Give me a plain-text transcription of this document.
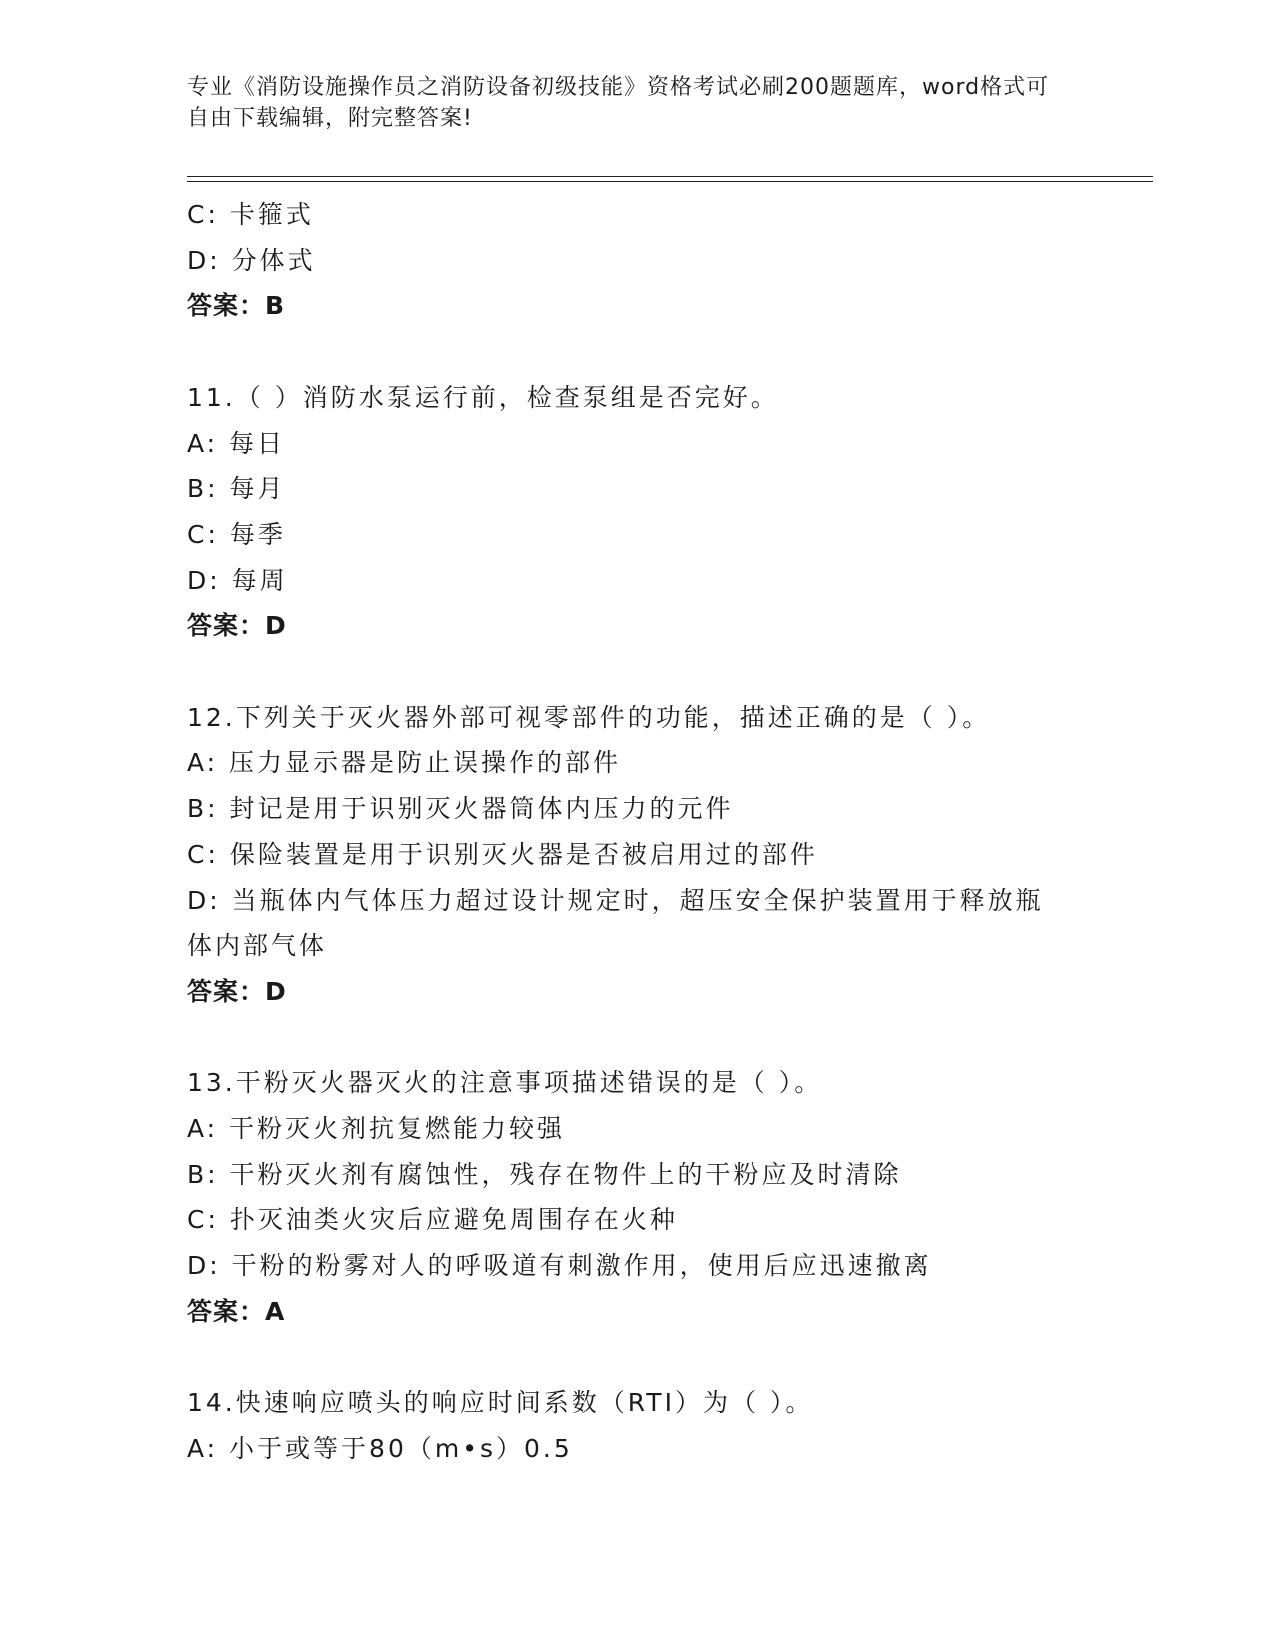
专业《消防设施操作员之消防设备初级技能》资格考试必刷200题题库，word格式可自由下载编辑，附完整答案!
C: 卡箍式
D: 分体式
答案：B
11.（ ）消防水泵运行前，检查泵组是否完好。
A: 每日
B: 每月
C: 每季
D: 每周
答案：D
12.下列关于灭火器外部可视零部件的功能，描述正确的是（ ）。
A: 压力显示器是防止误操作的部件
B: 封记是用于识别灭火器筒体内压力的元件
C: 保险装置是用于识别灭火器是否被启用过的部件
D: 当瓶体内气体压力超过设计规定时，超压安全保护装置用于释放瓶体内部气体
答案：D
13.干粉灭火器灭火的注意事项描述错误的是（ ）。
A: 干粉灭火剂抗复燃能力较强
B: 干粉灭火剂有腐蚀性，残存在物件上的干粉应及时清除
C: 扑灭油类火灾后应避免周围存在火种
D: 干粉的粉雾对人的呼吸道有刺激作用，使用后应迅速撤离
答案：A
14.快速响应喷头的响应时间系数（RTI）为（ ）。
A: 小于或等于80（m•s）0.5
